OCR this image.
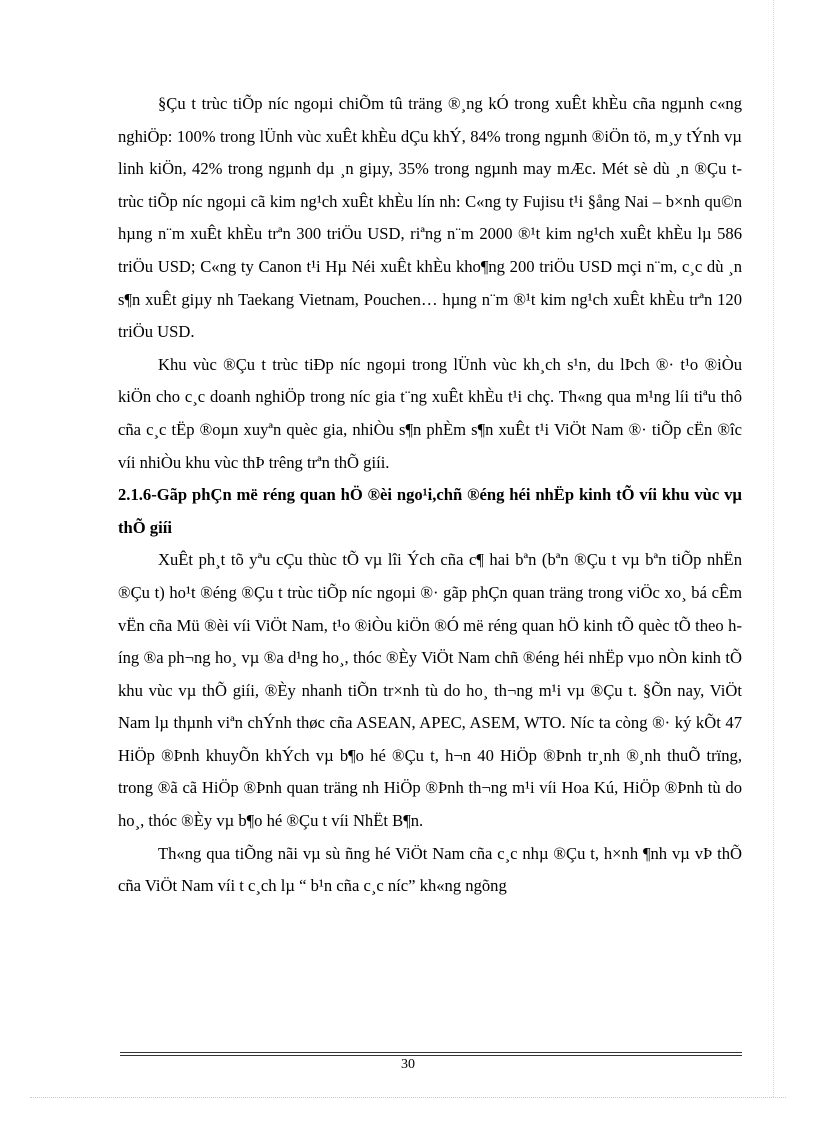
§Çu t trùc tiÕp níc ngoµi chiÕm tû träng ®¸ng kÓ trong xuÊt khÈu cña ngµnh c«ng nghiÖp: 100% trong lÜnh vùc xuÊt khÈu dÇu khÝ, 84% trong ngµnh ®iÖn tö, m¸y tÝnh vµ linh kiÖn, 42% trong ngµnh dµ ¸n giµy, 35% trong ngµnh may mÆc. Mét sè dù ¸n ®Çu t trùc tiÕp níc ngoµi cã kim ng¹ch xuÊt khÈu lín nh: C«ng ty Fujisu t¹i §ång Nai – b×nh qu©n hµng n¨m xuÊt khÈu trªn 300 triÖu USD, riªng n¨m 2000 ®¹t kim ng¹ch xuÊt khÈu lµ 586 triÖu USD; C«ng ty Canon t¹i Hµ Néi xuÊt khÈu kho¶ng 200 triÖu USD mçi n¨m, c¸c dù ¸n s¶n xuÊt giµy nh Taekang Vietnam, Pouchen… hµng n¨m ®¹t kim ng¹ch xuÊt khÈu trªn 120 triÖu USD.

Khu vùc ®Çu t trùc tiÐp níc ngoµi trong lÜnh vùc kh¸ch s¹n, du lÞch ®· t¹o ®iÒu kiÖn cho c¸c doanh nghiÖp trong níc gia t¨ng xuÊt khÈu t¹i chç. Th«ng qua m¹ng líi tiªu thô cña c¸c tËp ®oµn xuyªn quèc gia, nhiÒu s¶n phÈm s¶n xuÊt t¹i ViÖt Nam ®· tiÕp cËn ®îc víi nhiÒu khu vùc thÞ trêng trªn thÕ giíi.

2.1.6-Gãp phÇn më réng quan hÖ ®èi ngo¹i,chñ ®éng héi nhËp kinh tÕ víi khu vùc vµ thÕ giíi

XuÊt ph¸t tõ yªu cÇu thùc tÕ vµ lîi Ých cña c¶ hai bªn (bªn ®Çu t vµ bªn tiÕp nhËn ®Çu t) ho¹t ®éng ®Çu t trùc tiÕp níc ngoµi ®· gãp phÇn quan träng trong viÖc xo¸ bá cÊm vËn cña Mü ®èi víi ViÖt Nam, t¹o ®iÒu kiÖn ®Ó më réng quan hÖ kinh tÕ quèc tÕ theo híng ®a ph¬ng ho¸ vµ ®a d¹ng ho¸, thóc ®Èy ViÖt Nam chñ ®éng héi nhËp vµo nÒn kinh tÕ khu vùc vµ thÕ giíi, ®Èy nhanh tiÕn tr×nh tù do ho¸ th¬ng m¹i vµ ®Çu t. §Õn nay, ViÖt Nam lµ thµnh viªn chÝnh thøc cña ASEAN, APEC, ASEM, WTO. Níc ta còng ®· ký kÕt 47 HiÖp ®Þnh khuyÕn khÝch vµ b¶o hé ®Çu t, h¬n 40 HiÖp ®Þnh tr¸nh ®¸nh thuÕ trïng, trong ®ã cã HiÖp ®Þnh quan träng nh HiÖp ®Þnh th¬ng m¹i víi Hoa Kú, HiÖp ®Þnh tù do ho¸, thóc ®Èy vµ b¶o hé ®Çu t víi NhËt B¶n.

Th«ng qua tiÕng nãi vµ sù ñng hé ViÖt Nam cña c¸c nhµ ®Çu t, h×nh ¶nh vµ vÞ thÕ cña ViÖt Nam víi t c¸ch lµ “ b¹n cña c¸c níc” kh«ng ngõng

30
